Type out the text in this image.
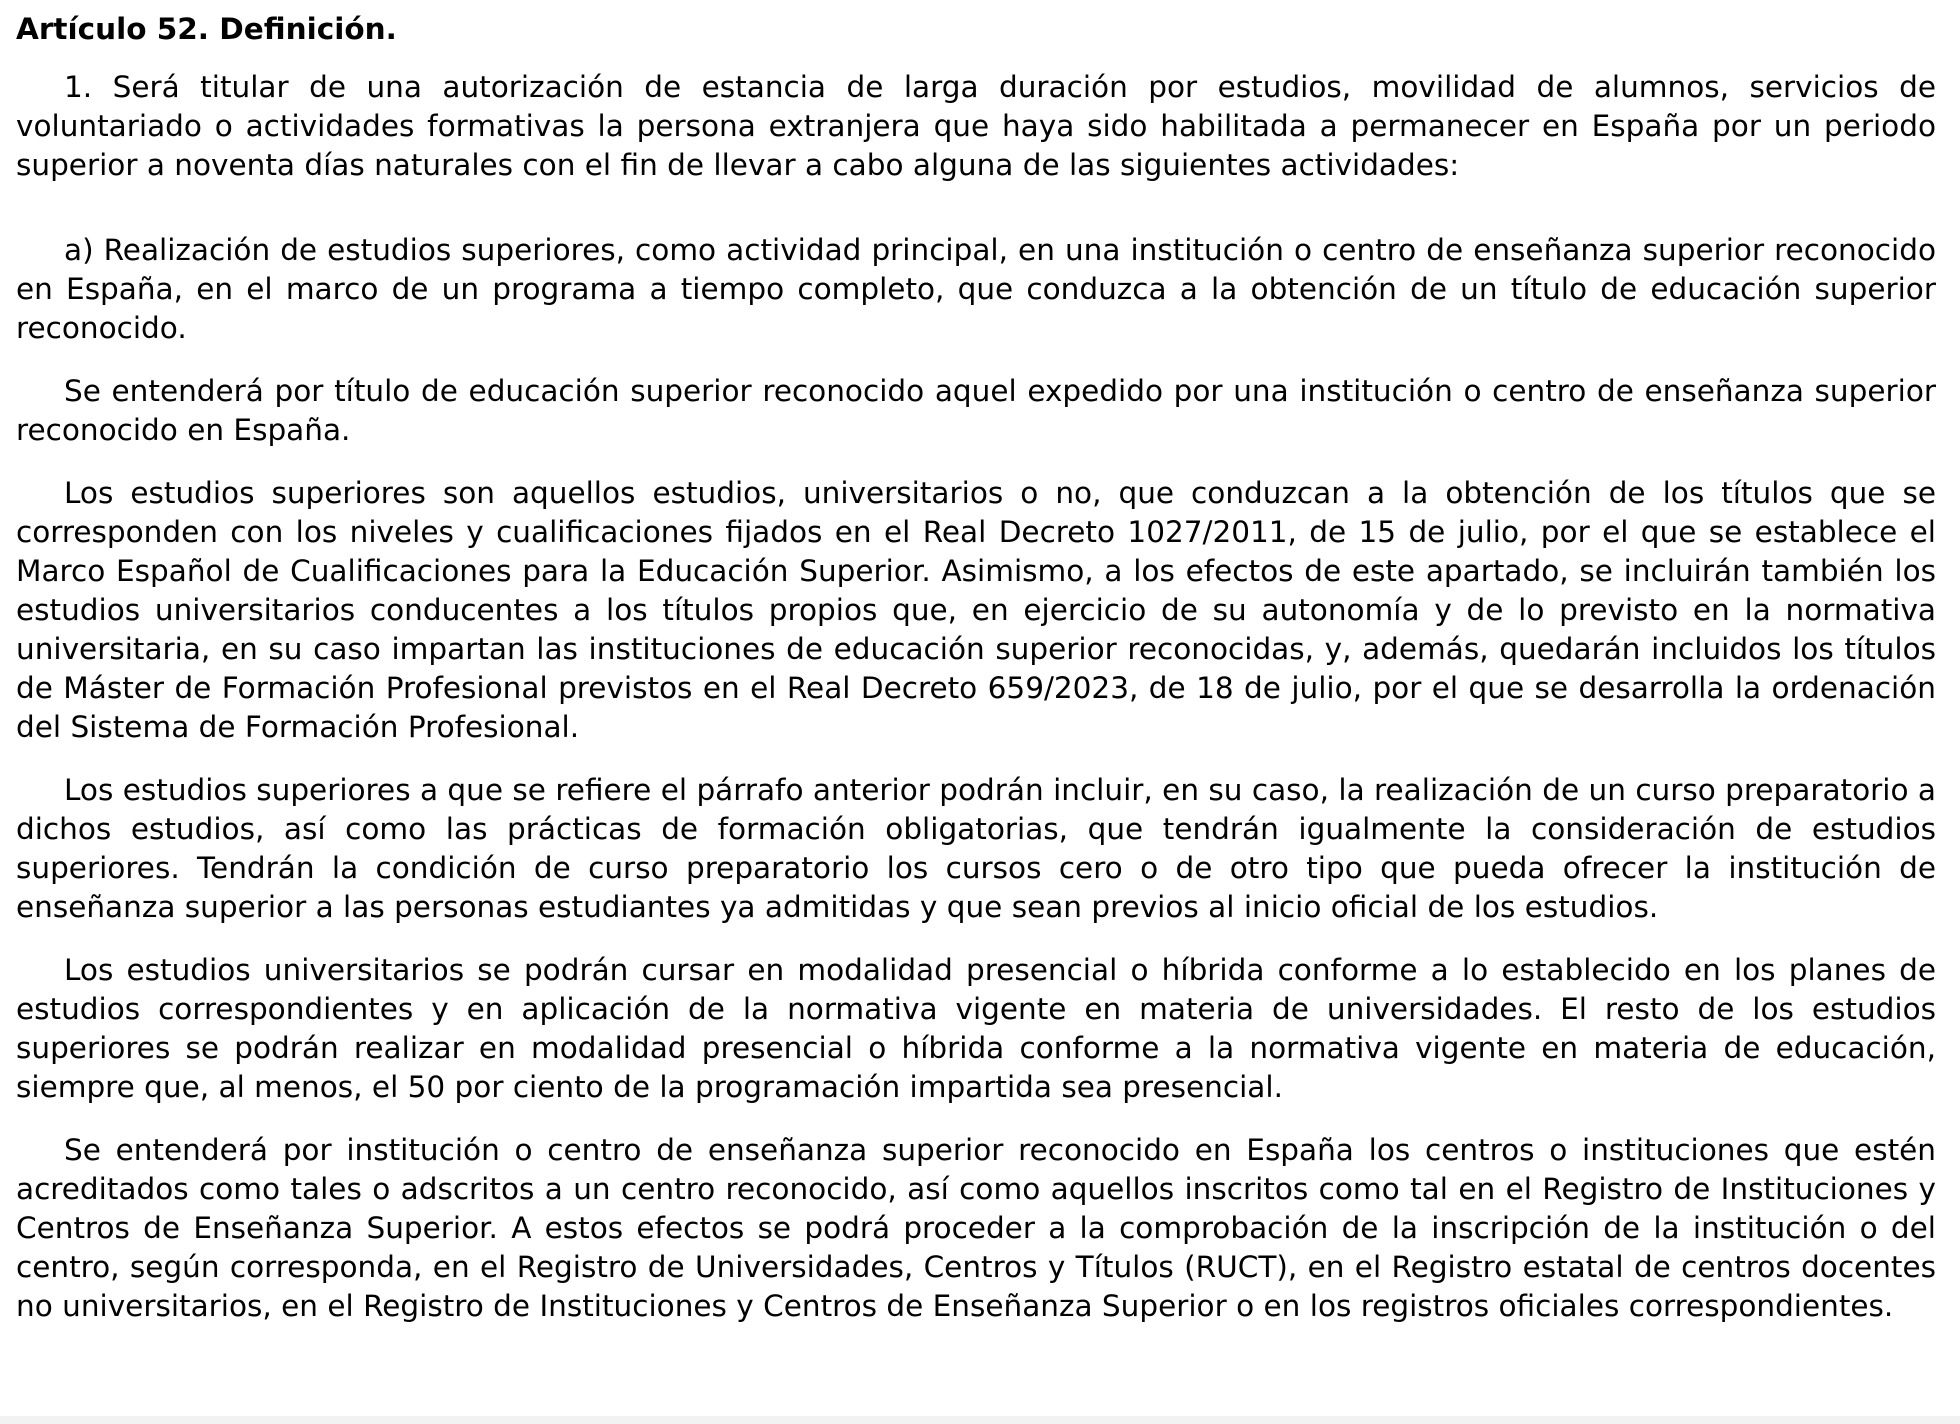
Artículo 52. Definición.

1. Será titular de una autorización de estancia de larga duración por estudios, movilidad de alumnos, servicios de voluntariado o actividades formativas la persona extranjera que haya sido habilitada a permanecer en España por un periodo superior a noventa días naturales con el fin de llevar a cabo alguna de las siguientes actividades:

a) Realización de estudios superiores, como actividad principal, en una institución o centro de enseñanza superior reconocido en España, en el marco de un programa a tiempo completo, que conduzca a la obtención de un título de educación superior reconocido.

Se entenderá por título de educación superior reconocido aquel expedido por una institución o centro de enseñanza superior reconocido en España.

Los estudios superiores son aquellos estudios, universitarios o no, que conduzcan a la obtención de los títulos que se corresponden con los niveles y cualificaciones fijados en el Real Decreto 1027/2011, de 15 de julio, por el que se establece el Marco Español de Cualificaciones para la Educación Superior. Asimismo, a los efectos de este apartado, se incluirán también los estudios universitarios conducentes a los títulos propios que, en ejercicio de su autonomía y de lo previsto en la normativa universitaria, en su caso impartan las instituciones de educación superior reconocidas, y, además, quedarán incluidos los títulos de Máster de Formación Profesional previstos en el Real Decreto 659/2023, de 18 de julio, por el que se desarrolla la ordenación del Sistema de Formación Profesional.

Los estudios superiores a que se refiere el párrafo anterior podrán incluir, en su caso, la realización de un curso preparatorio a dichos estudios, así como las prácticas de formación obligatorias, que tendrán igualmente la consideración de estudios superiores. Tendrán la condición de curso preparatorio los cursos cero o de otro tipo que pueda ofrecer la institución de enseñanza superior a las personas estudiantes ya admitidas y que sean previos al inicio oficial de los estudios.

Los estudios universitarios se podrán cursar en modalidad presencial o híbrida conforme a lo establecido en los planes de estudios correspondientes y en aplicación de la normativa vigente en materia de universidades. El resto de los estudios superiores se podrán realizar en modalidad presencial o híbrida conforme a la normativa vigente en materia de educación, siempre que, al menos, el 50 por ciento de la programación impartida sea presencial.

Se entenderá por institución o centro de enseñanza superior reconocido en España los centros o instituciones que estén acreditados como tales o adscritos a un centro reconocido, así como aquellos inscritos como tal en el Registro de Instituciones y Centros de Enseñanza Superior. A estos efectos se podrá proceder a la comprobación de la inscripción de la institución o del centro, según corresponda, en el Registro de Universidades, Centros y Títulos (RUCT), en el Registro estatal de centros docentes no universitarios, en el Registro de Instituciones y Centros de Enseñanza Superior o en los registros oficiales correspondientes.
